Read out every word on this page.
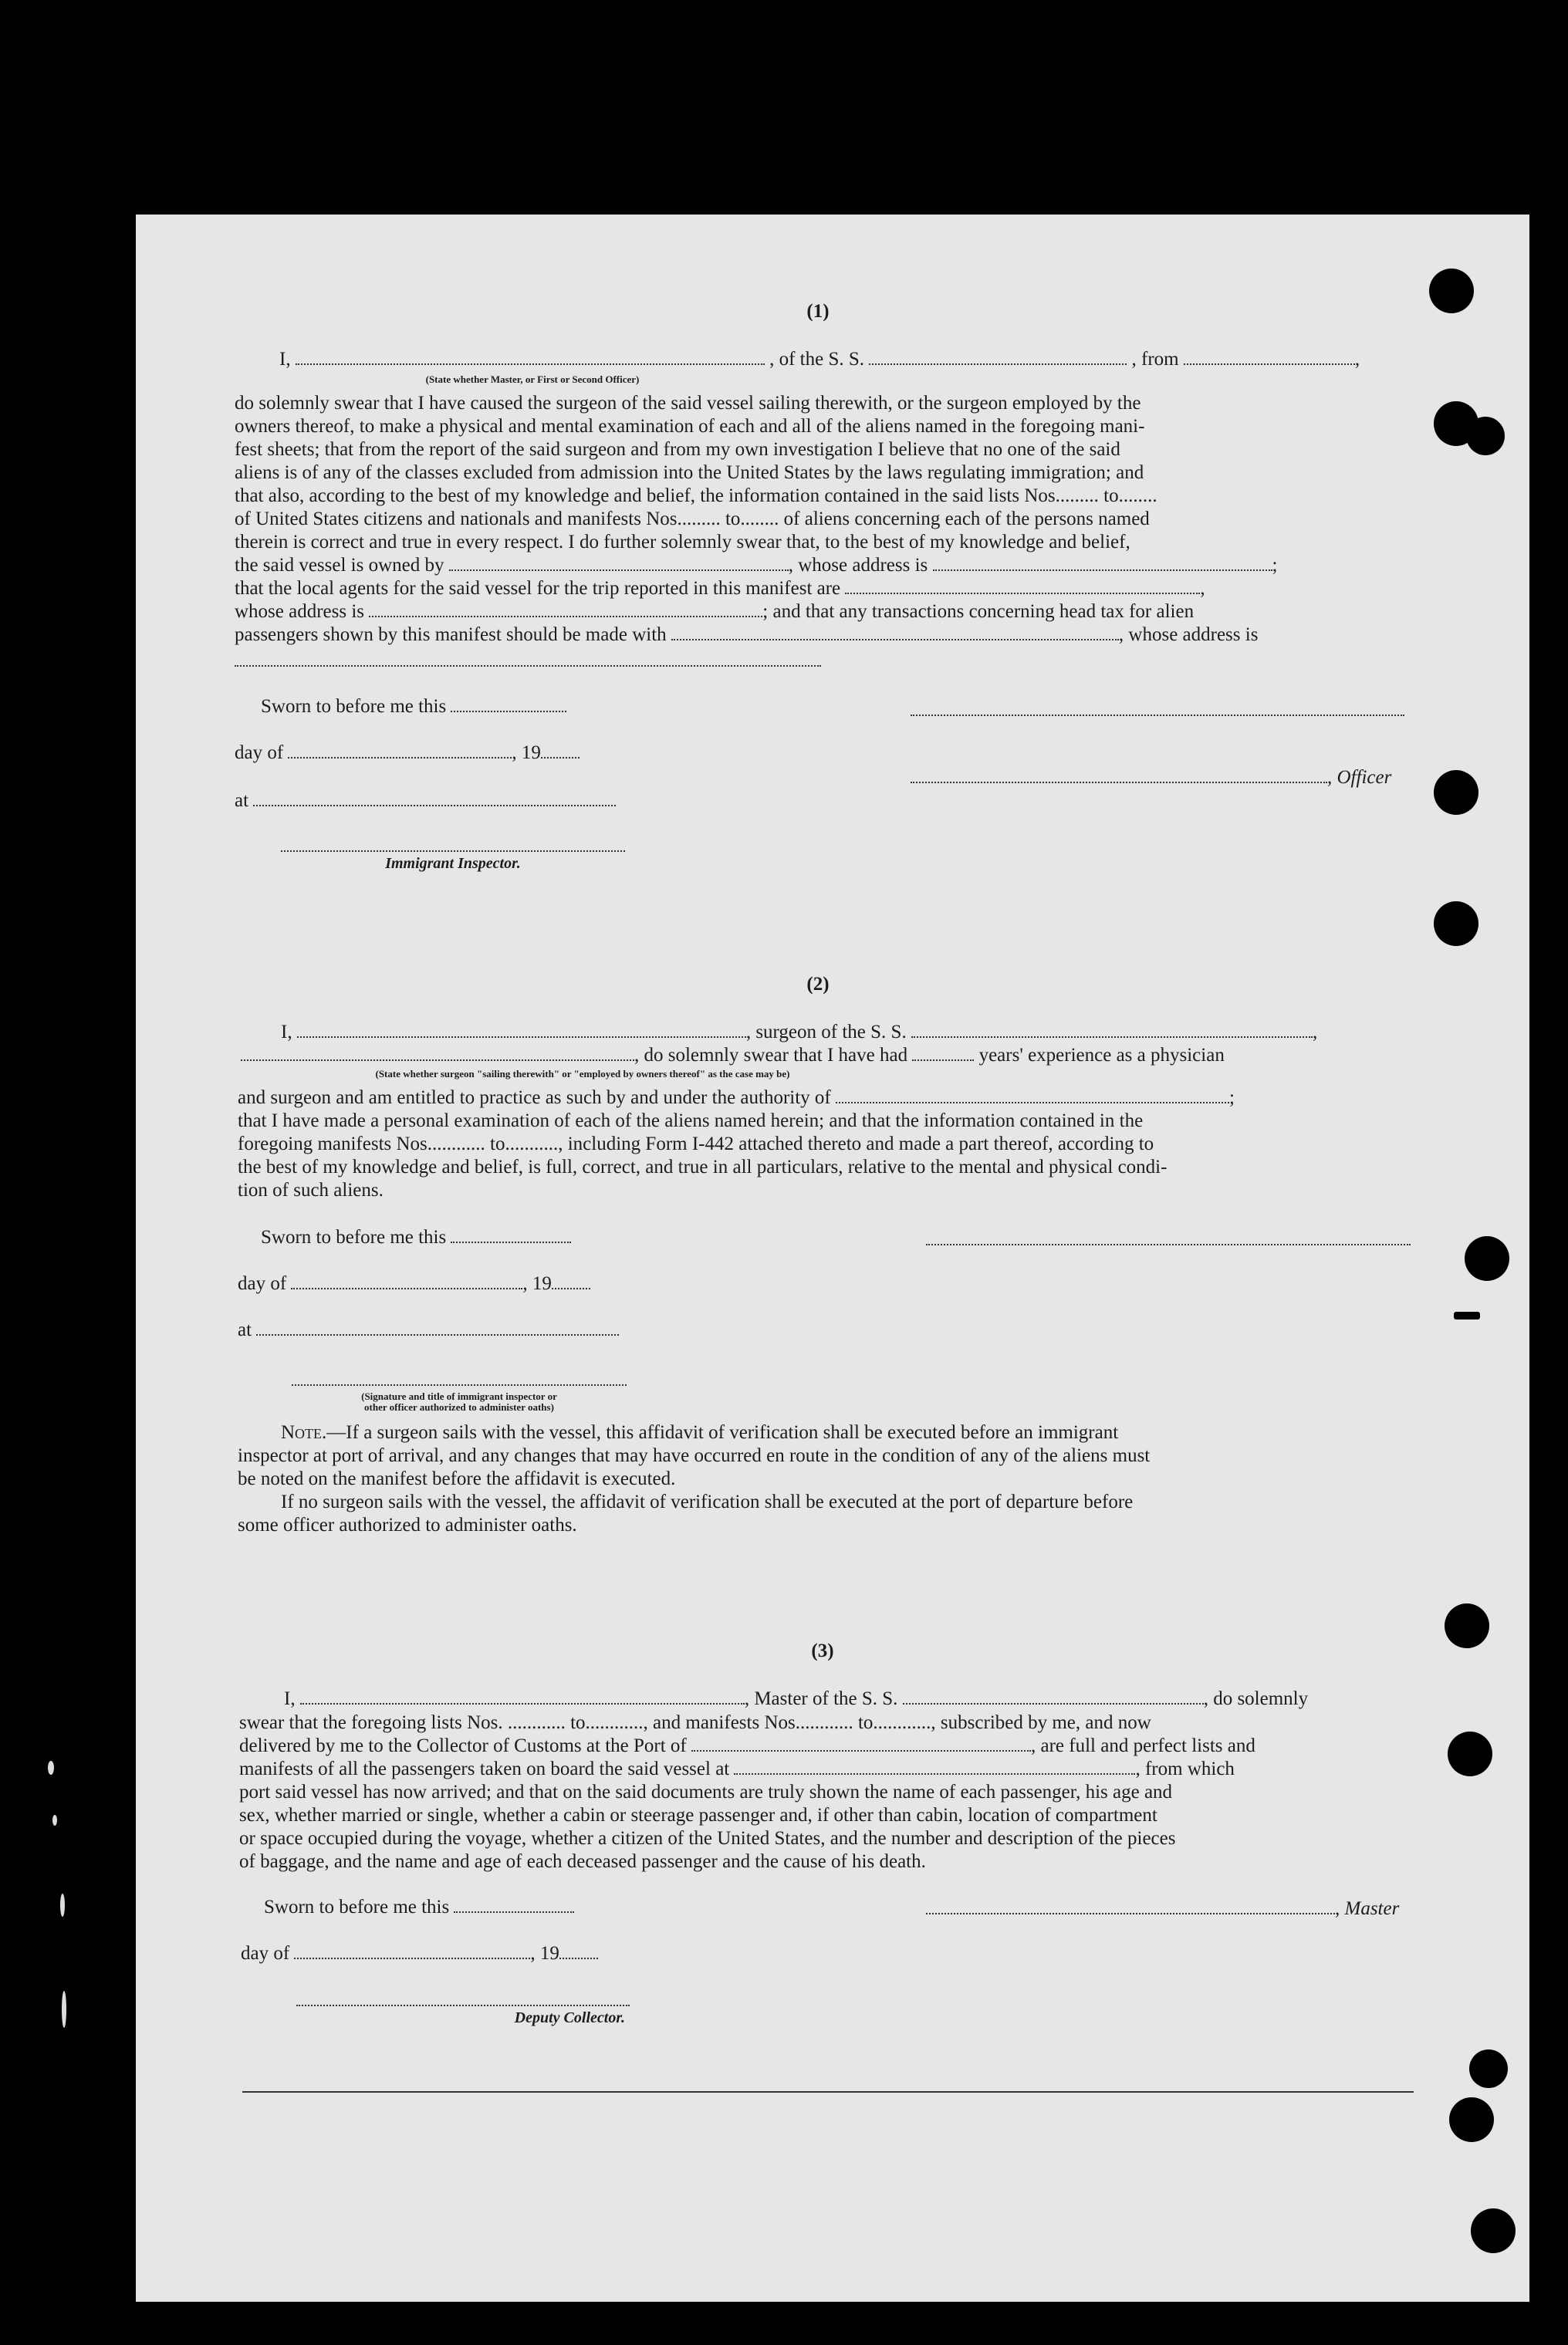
(1)
I,	, of the S. S.	, from	,
(State whether Master, or First or Second Officer)
do solemnly swear that I have caused the surgeon of the said vessel sailing therewith, or the surgeon employed by the
owners thereof, to make a physical and mental examination of each and all of the aliens named in the foregoing mani-
fest sheets; that from the report of the said surgeon and from my own investigation I believe that no one of the said
aliens is of any of the classes excluded from admission into the United States by the laws regulating immigration; and
that also, according to the best of my knowledge and belief, the information contained in the said lists Nos......... to........
of United States citizens and nationals and manifests Nos......... to........ of aliens concerning each of the persons named
therein is correct and true in every respect. I do further solemnly swear that, to the best of my knowledge and belief,
the said vessel is owned by	, whose address is	;
that the local agents for the said vessel for the trip reported in this manifest are	,
whose address is	; and that any transactions concerning head tax for alien
passengers shown by this manifest should be made with	, whose address is
Sworn to before me this
day of	, 19
, Officer
at
Immigrant Inspector.
(2)
I,	, surgeon of the S. S.	,
, do solemnly swear that I have had	years' experience as a physician
(State whether surgeon "sailing therewith" or "employed by owners thereof" as the case may be)
and surgeon and am entitled to practice as such by and under the authority of	;
that I have made a personal examination of each of the aliens named herein; and that the information contained in the
foregoing manifests Nos............ to..........., including Form I-442 attached thereto and made a part thereof, according to
the best of my knowledge and belief, is full, correct, and true in all particulars, relative to the mental and physical condi-
tion of such aliens.
Sworn to before me this
day of	, 19
at
(Signature and title of immigrant inspector or
other officer authorized to administer oaths)
Note.—If a surgeon sails with the vessel, this affidavit of verification shall be executed before an immigrant
inspector at port of arrival, and any changes that may have occurred en route in the condition of any of the aliens must
be noted on the manifest before the affidavit is executed.
If no surgeon sails with the vessel, the affidavit of verification shall be executed at the port of departure before
some officer authorized to administer oaths.
(3)
I,	, Master of the S. S.	, do solemnly
swear that the foregoing lists Nos. ............ to............, and manifests Nos............ to............, subscribed by me, and now
delivered by me to the Collector of Customs at the Port of	, are full and perfect lists and
manifests of all the passengers taken on board the said vessel at	, from which
port said vessel has now arrived; and that on the said documents are truly shown the name of each passenger, his age and
sex, whether married or single, whether a cabin or steerage passenger and, if other than cabin, location of compartment
or space occupied during the voyage, whether a citizen of the United States, and the number and description of the pieces
of baggage, and the name and age of each deceased passenger and the cause of his death.
Sworn to before me this	, Master
day of	, 19
Deputy Collector.
